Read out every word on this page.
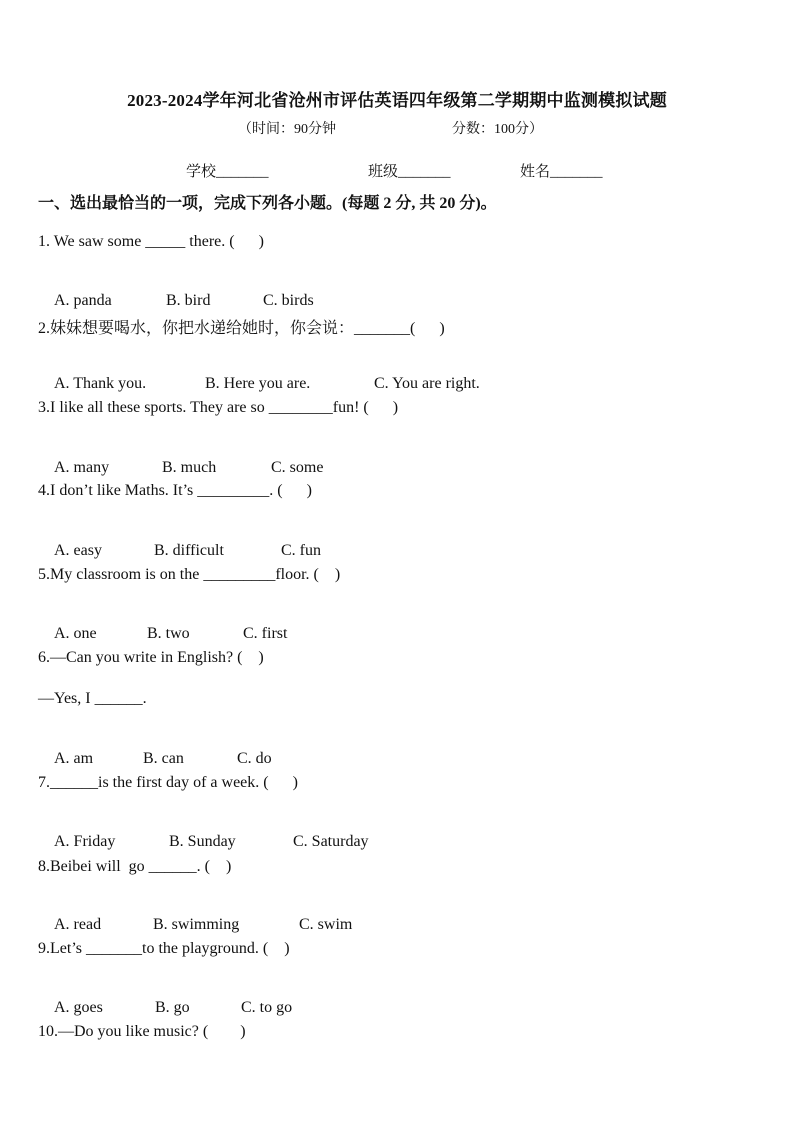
2023-2024学年河北省沧州市评估英语四年级第二学期期中监测模拟试题
（时间：90分钟	分数：100分）
学校_______	班级_______	姓名_______
一、选出最恰当的一项，完成下列各小题。(每题 2 分, 共 20 分)。
1. We saw some _____ there. (      )

A. panda	B. bird	C. birds

2.妹妹想要喝水，你把水递给她时，你会说：_______(      )

A. Thank you.	B. Here you are.	C. You are right.

3.I like all these sports. They are so ________fun! (      )

A. many	B. much	C. some

4.I don’t like Maths. It’s _________. (      )

A. easy	B. difficult	C. fun

5.My classroom is on the _________floor. (    )

A. one	B. two	C. first

6.—Can you write in English? (    )
—Yes, I ______.

A. am	B. can	C. do

7.______is the first day of a week. (      )

A. Friday	B. Sunday	C. Saturday

8.Beibei will  go ______. (    )

A. read	B. swimming	C. swim

9.Let’s _______to the playground. (    )

A. goes	B. go	C. to go

10.—Do you like music? (        )
